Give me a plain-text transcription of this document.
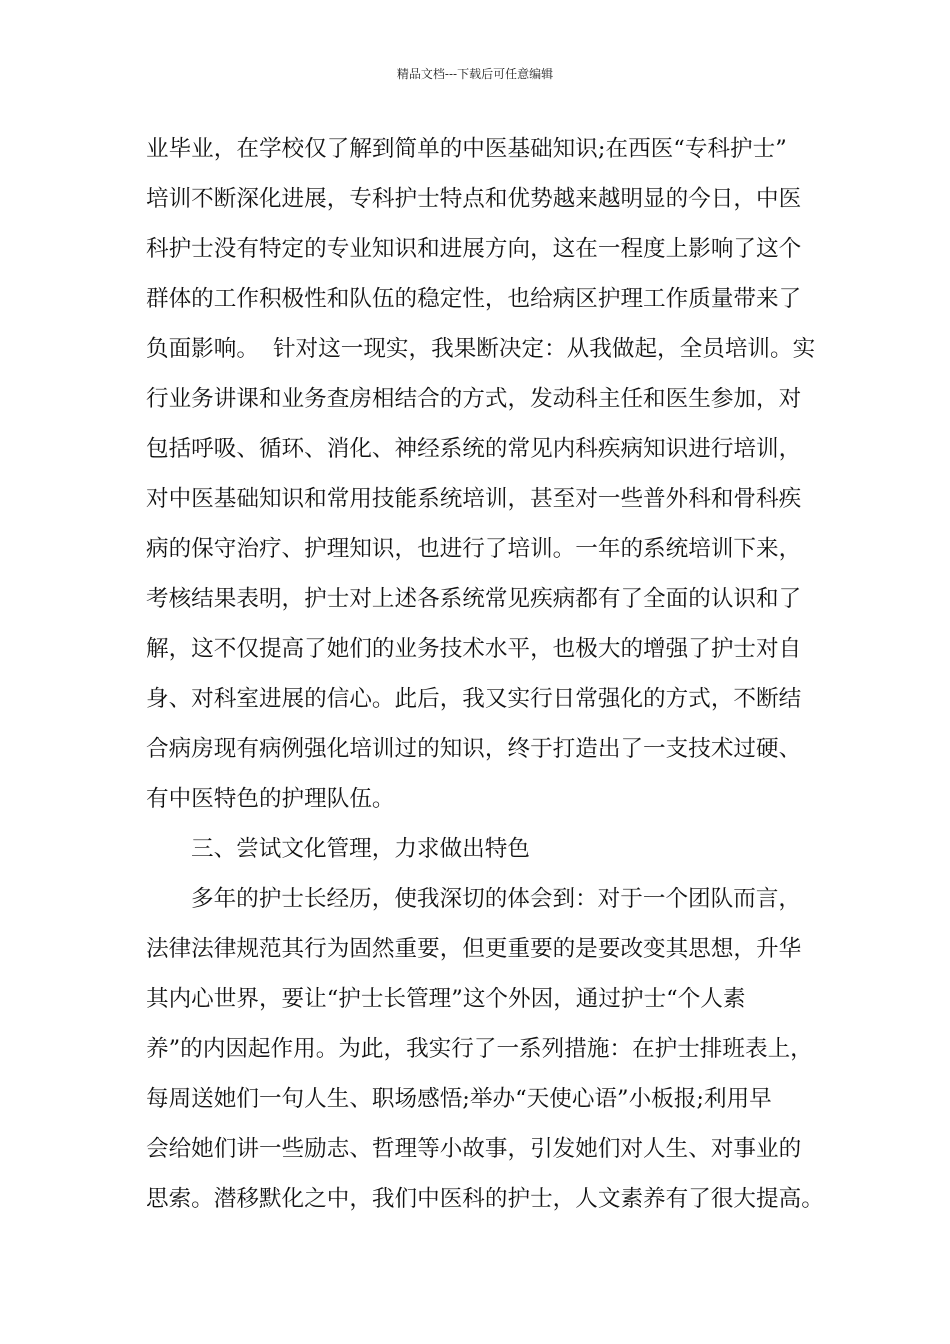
精品文档---下载后可任意编辑
业毕业，在学校仅了解到简单的中医基础知识;在西医“专科护士”
培训不断深化进展，专科护士特点和优势越来越明显的今日，中医
科护士没有特定的专业知识和进展方向，这在一程度上影响了这个
群体的工作积极性和队伍的稳定性，也给病区护理工作质量带来了
负面影响。 针对这一现实，我果断决定：从我做起，全员培训。实
行业务讲课和业务查房相结合的方式，发动科主任和医生参加，对
包括呼吸、循环、消化、神经系统的常见内科疾病知识进行培训，
对中医基础知识和常用技能系统培训，甚至对一些普外科和骨科疾
病的保守治疗、护理知识，也进行了培训。一年的系统培训下来，
考核结果表明，护士对上述各系统常见疾病都有了全面的认识和了
解，这不仅提高了她们的业务技术水平，也极大的增强了护士对自
身、对科室进展的信心。此后，我又实行日常强化的方式，不断结
合病房现有病例强化培训过的知识，终于打造出了一支技术过硬、
有中医特色的护理队伍。
三、尝试文化管理，力求做出特色
多年的护士长经历，使我深切的体会到：对于一个团队而言，
法律法律规范其行为固然重要，但更重要的是要改变其思想，升华
其内心世界，要让“护士长管理”这个外因，通过护士“个人素
养”的内因起作用。为此，我实行了一系列措施：在护士排班表上，
每周送她们一句人生、职场感悟;举办“天使心语”小板报;利用早
会给她们讲一些励志、哲理等小故事，引发她们对人生、对事业的
思索。潜移默化之中，我们中医科的护士，人文素养有了很大提高。
